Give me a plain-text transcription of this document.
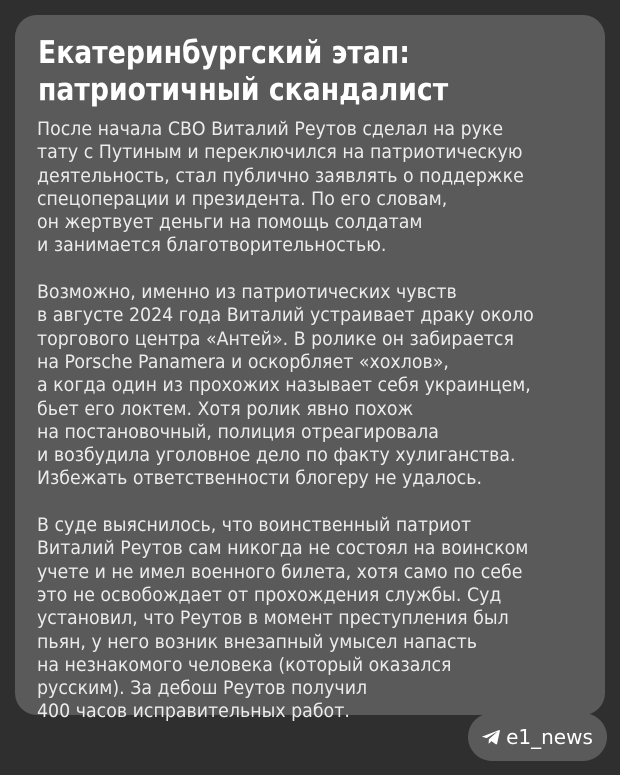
Екатеринбургский этап:
патриотичный скандалист

После начала СВО Виталий Реутов сделал на руке
тату с Путиным и переключился на патриотическую
деятельность, стал публично заявлять о поддержке
спецоперации и президента. По его словам,
он жертвует деньги на помощь солдатам
и занимается благотворительностью.

Возможно, именно из патриотических чувств
в августе 2024 года Виталий устраивает драку около
торгового центра «Антей». В ролике он забирается
на Porsche Panamera и оскорбляет «хохлов»,
а когда один из прохожих называет себя украинцем,
бьет его локтем. Хотя ролик явно похож
на постановочный, полиция отреагировала
и возбудила уголовное дело по факту хулиганства.
Избежать ответственности блогеру не удалось.

В суде выяснилось, что воинственный патриот
Виталий Реутов сам никогда не состоял на воинском
учете и не имел военного билета, хотя само по себе
это не освобождает от прохождения службы. Суд
установил, что Реутов в момент преступления был
пьян, у него возник внезапный умысел напасть
на незнакомого человека (который оказался
русским). За дебош Реутов получил
400 часов исправительных работ.

e1_news
